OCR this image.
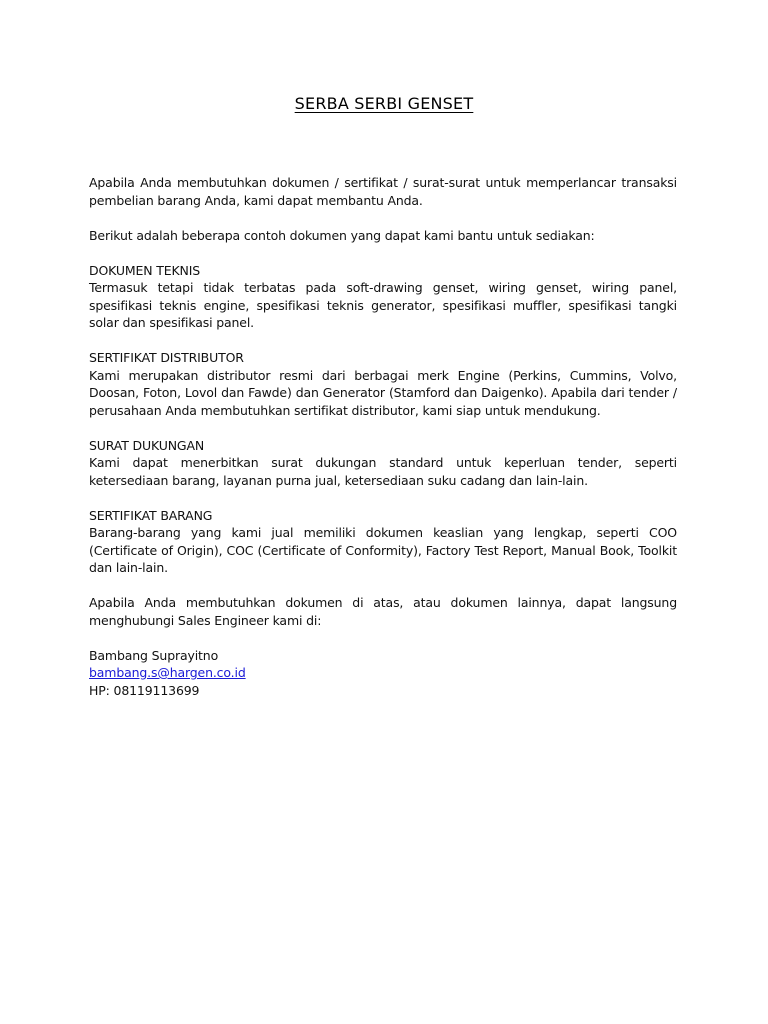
SERBA SERBI GENSET

Apabila Anda membutuhkan dokumen / sertifikat / surat-surat untuk memperlancar transaksi pembelian barang Anda, kami dapat membantu Anda.

Berikut adalah beberapa contoh dokumen yang dapat kami bantu untuk sediakan:

DOKUMEN TEKNIS
Termasuk tetapi tidak terbatas pada soft-drawing genset, wiring genset, wiring panel, spesifikasi teknis engine, spesifikasi teknis generator, spesifikasi muffler, spesifikasi tangki solar dan spesifikasi panel.

SERTIFIKAT DISTRIBUTOR
Kami merupakan distributor resmi dari berbagai merk Engine (Perkins, Cummins, Volvo, Doosan, Foton, Lovol dan Fawde) dan Generator (Stamford dan Daigenko). Apabila dari tender / perusahaan Anda membutuhkan sertifikat distributor, kami siap untuk mendukung.

SURAT DUKUNGAN
Kami dapat menerbitkan surat dukungan standard untuk keperluan tender, seperti ketersediaan barang, layanan purna jual, ketersediaan suku cadang dan lain-lain.

SERTIFIKAT BARANG
Barang-barang yang kami jual memiliki dokumen keaslian yang lengkap, seperti COO (Certificate of Origin), COC (Certificate of Conformity), Factory Test Report, Manual Book, Toolkit dan lain-lain.

Apabila Anda membutuhkan dokumen di atas, atau dokumen lainnya, dapat langsung menghubungi Sales Engineer kami di:

Bambang Suprayitno
bambang.s@hargen.co.id
HP: 08119113699
